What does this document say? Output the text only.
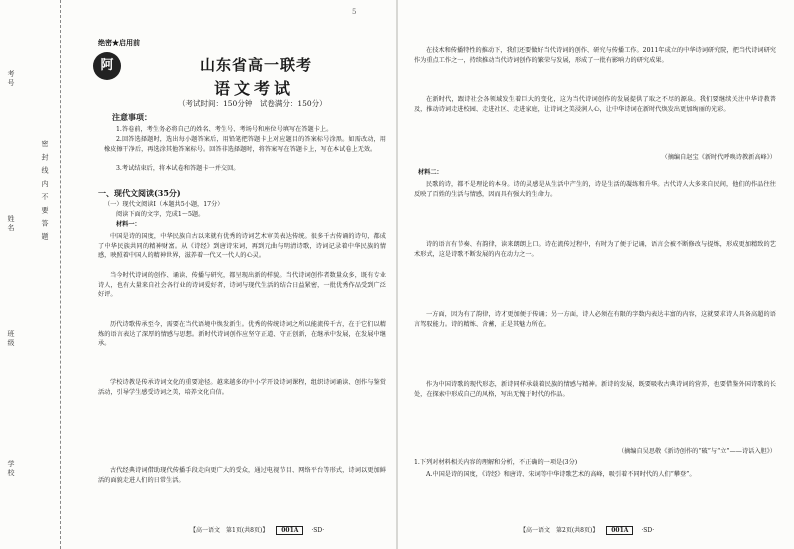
5
考号
姓名
班级
学校
密 封 线 内 不 要 答 题
绝密★启用前
阿	山东省高一联考
语文考试
（考试时间：150分钟　试卷满分：150分）
注意事项：
1.答卷前，考生务必将自己的姓名、考生号、考场号和座位号填写在答题卡上。
2.回答选择题时，选出每小题答案后，用铅笔把答题卡上对应题目的答案标号涂黑。如需改动，用橡皮擦干净后，再选涂其他答案标号。回答非选择题时，将答案写在答题卡上，写在本试卷上无效。
3.考试结束后，将本试卷和答题卡一并交回。
一、现代文阅读(35分)
（一）现代文阅读Ⅰ（本题共5小题，17分）
阅读下面的文字，完成1～5题。
材料一：
中国是诗的国度，中华民族自古以来就有优秀的诗词艺术审美表达传统。很多千古传诵的诗句，都成了中华民族共同的精神财富。从《诗经》到唐诗宋词，再到元曲与明清诗歌，诗词记录着中华民族的情感，映照着中国人的精神世界，滋养着一代又一代人的心灵。
当今时代诗词的创作、诵读、传播与研究，都呈现出新的样貌。当代诗词创作者数量众多，既有专业诗人，也有大量来自社会各行业的诗词爱好者，诗词与现代生活的结合日益紧密，一批优秀作品受到广泛好评。
历代诗歌传承至今，需要在当代语境中焕发新生。优秀的传统诗词之所以能流传千古，在于它们以精炼的语言表达了深厚的情感与思想。新时代诗词创作应坚守正道、守正创新，在继承中发展，在发展中继承。
学校诗教是传承诗词文化的重要途径。越来越多的中小学开设诗词课程，组织诗词诵读、创作与鉴赏活动，引导学生感受诗词之美，培养文化自信。
古代经典诗词借助现代传播手段走向更广大的受众，通过电视节目、网络平台等形式，诗词以更加鲜活的面貌走进人们的日常生活。
在技术和传播特性的推动下，我们还要做好当代诗词的创作、研究与传播工作。2011年成立的中华诗词研究院，把当代诗词研究作为重点工作之一，持续推动当代诗词创作的繁荣与发展，形成了一批有影响力的研究成果。
在新时代，跟诗社会各领域发生着巨大的变化，这为当代诗词创作的发展提供了取之不尽的源泉。我们要继续关注中华诗教普及，推动诗词走进校园、走进社区、走进家庭，让诗词之美浸润人心，让中华诗词在新时代焕发出更加绚丽的光彩。
（摘编自赵宝《新时代呼唤诗教新高峰》）
材料二：
民歌的诗，都不是理论的本身。诗的灵感是从生活中产生的，诗是生活的凝练和升华。古代诗人大多来自民间，他们的作品往往反映了百姓的生活与情感，因而具有强大的生命力。
诗的语言有节奏、有韵律，读来朗朗上口。诗在流传过程中，有时为了便于记诵，语言会被不断修改与提炼，形成更加精致的艺术形式，这是诗歌不断发展的内在动力之一。
一方面，因为有了韵律，诗才更加便于传诵；另一方面，诗人必须在有限的字数内表达丰富的内容，这就要求诗人具备高超的语言驾驭能力。诗的精炼、含蓄，正是其魅力所在。
作为中国诗歌的现代形态，新诗同样承载着民族的情感与精神。新诗的发展，既要吸收古典诗词的营养，也要借鉴外国诗歌的长处，在探索中形成自己的风格，写出无愧于时代的作品。
（摘编自吴思敬《新诗创作的“破”与“立”——诗话入胆》）
1.下列对材料相关内容的理解和分析，不正确的一项是(3分)
A.中国是诗的国度，《诗经》和唐诗、宋词等中华诗歌艺术的高峰，吸引着不同时代的人们“攀登”。
【高一语文　第1页(共8页)】 001A ·SD·	【高一语文　第2页(共8页)】 001A ·SD·
